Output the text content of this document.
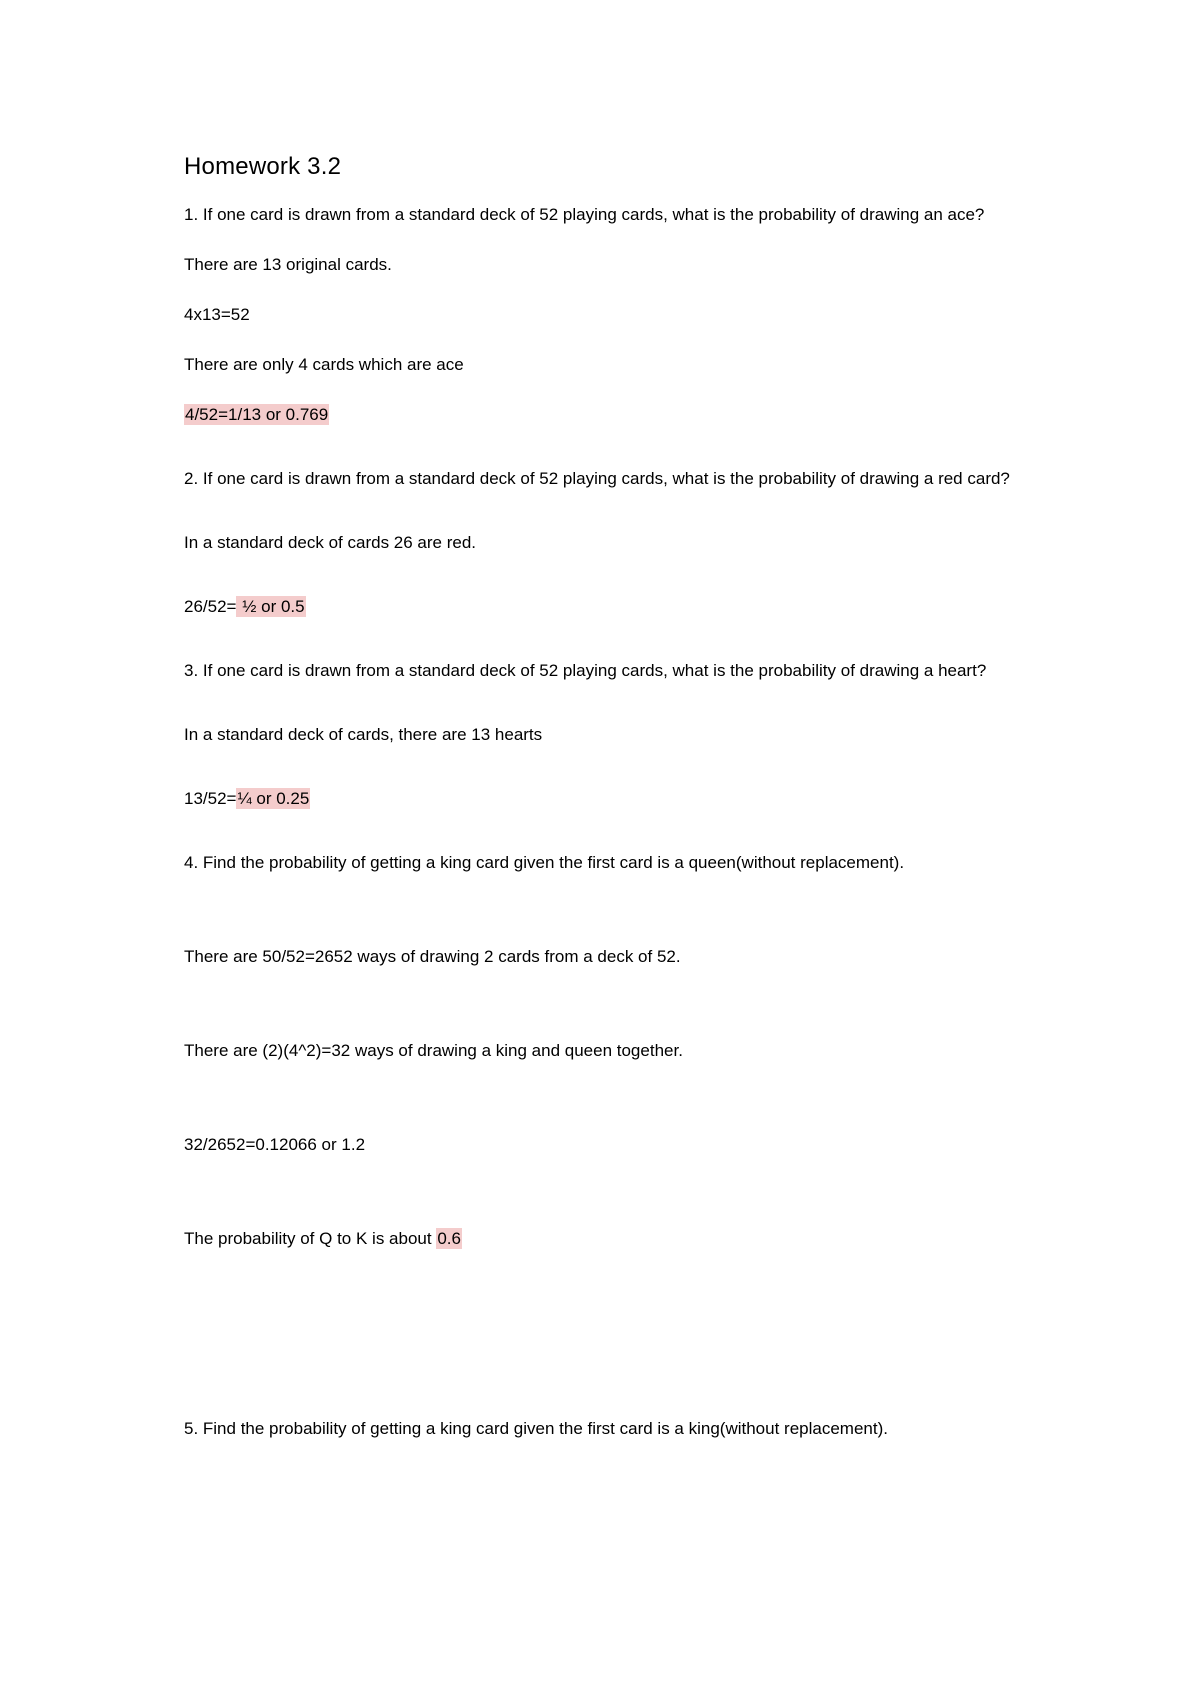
Homework 3.2

1. If one card is drawn from a standard deck of 52 playing cards, what is the probability of drawing an ace?

There are 13 original cards.

4x13=52

There are only 4 cards which are ace

4/52=1/13 or 0.769

2. If one card is drawn from a standard deck of 52 playing cards, what is the probability of drawing a red card?

In a standard deck of cards 26 are red.

26/52= ½ or 0.5

3. If one card is drawn from a standard deck of 52 playing cards, what is the probability of drawing a heart?

In a standard deck of cards, there are 13 hearts

13/52=¼ or 0.25

4. Find the probability of getting a king card given the first card is a queen(without replacement).

There are 50/52=2652 ways of drawing 2 cards from a deck of 52.

There are (2)(4^2)=32 ways of drawing a king and queen together.

32/2652=0.12066 or 1.2

The probability of Q to K is about 0.6

5. Find the probability of getting a king card given the first card is a king(without replacement).
